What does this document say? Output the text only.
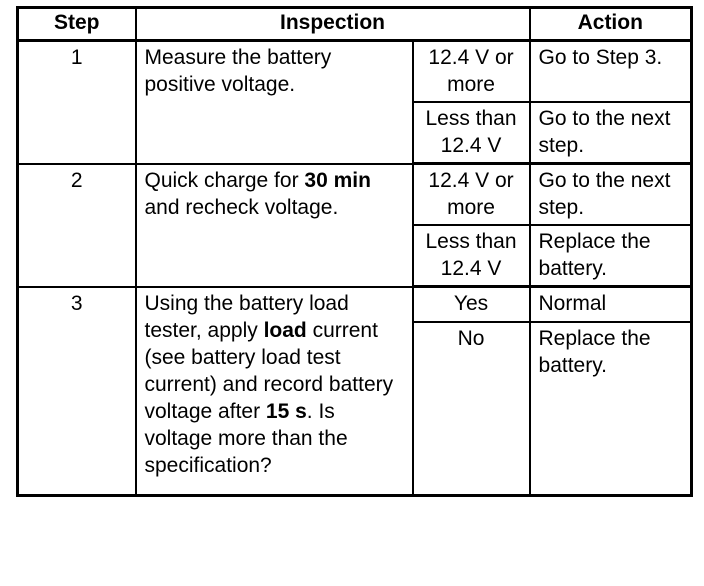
Step	Inspection		Action
1	Measure the battery positive voltage.	12.4 V or more	Go to Step 3.
		Less than 12.4 V	Go to the next step.
2	Quick charge for 30 min and recheck voltage.	12.4 V or more	Go to the next step.
		Less than 12.4 V	Replace the battery.
3	Using the battery load tester, apply load current (see battery load test current) and record battery voltage after 15 s. Is voltage more than the specification?	Yes	Normal
		No	Replace the battery.
